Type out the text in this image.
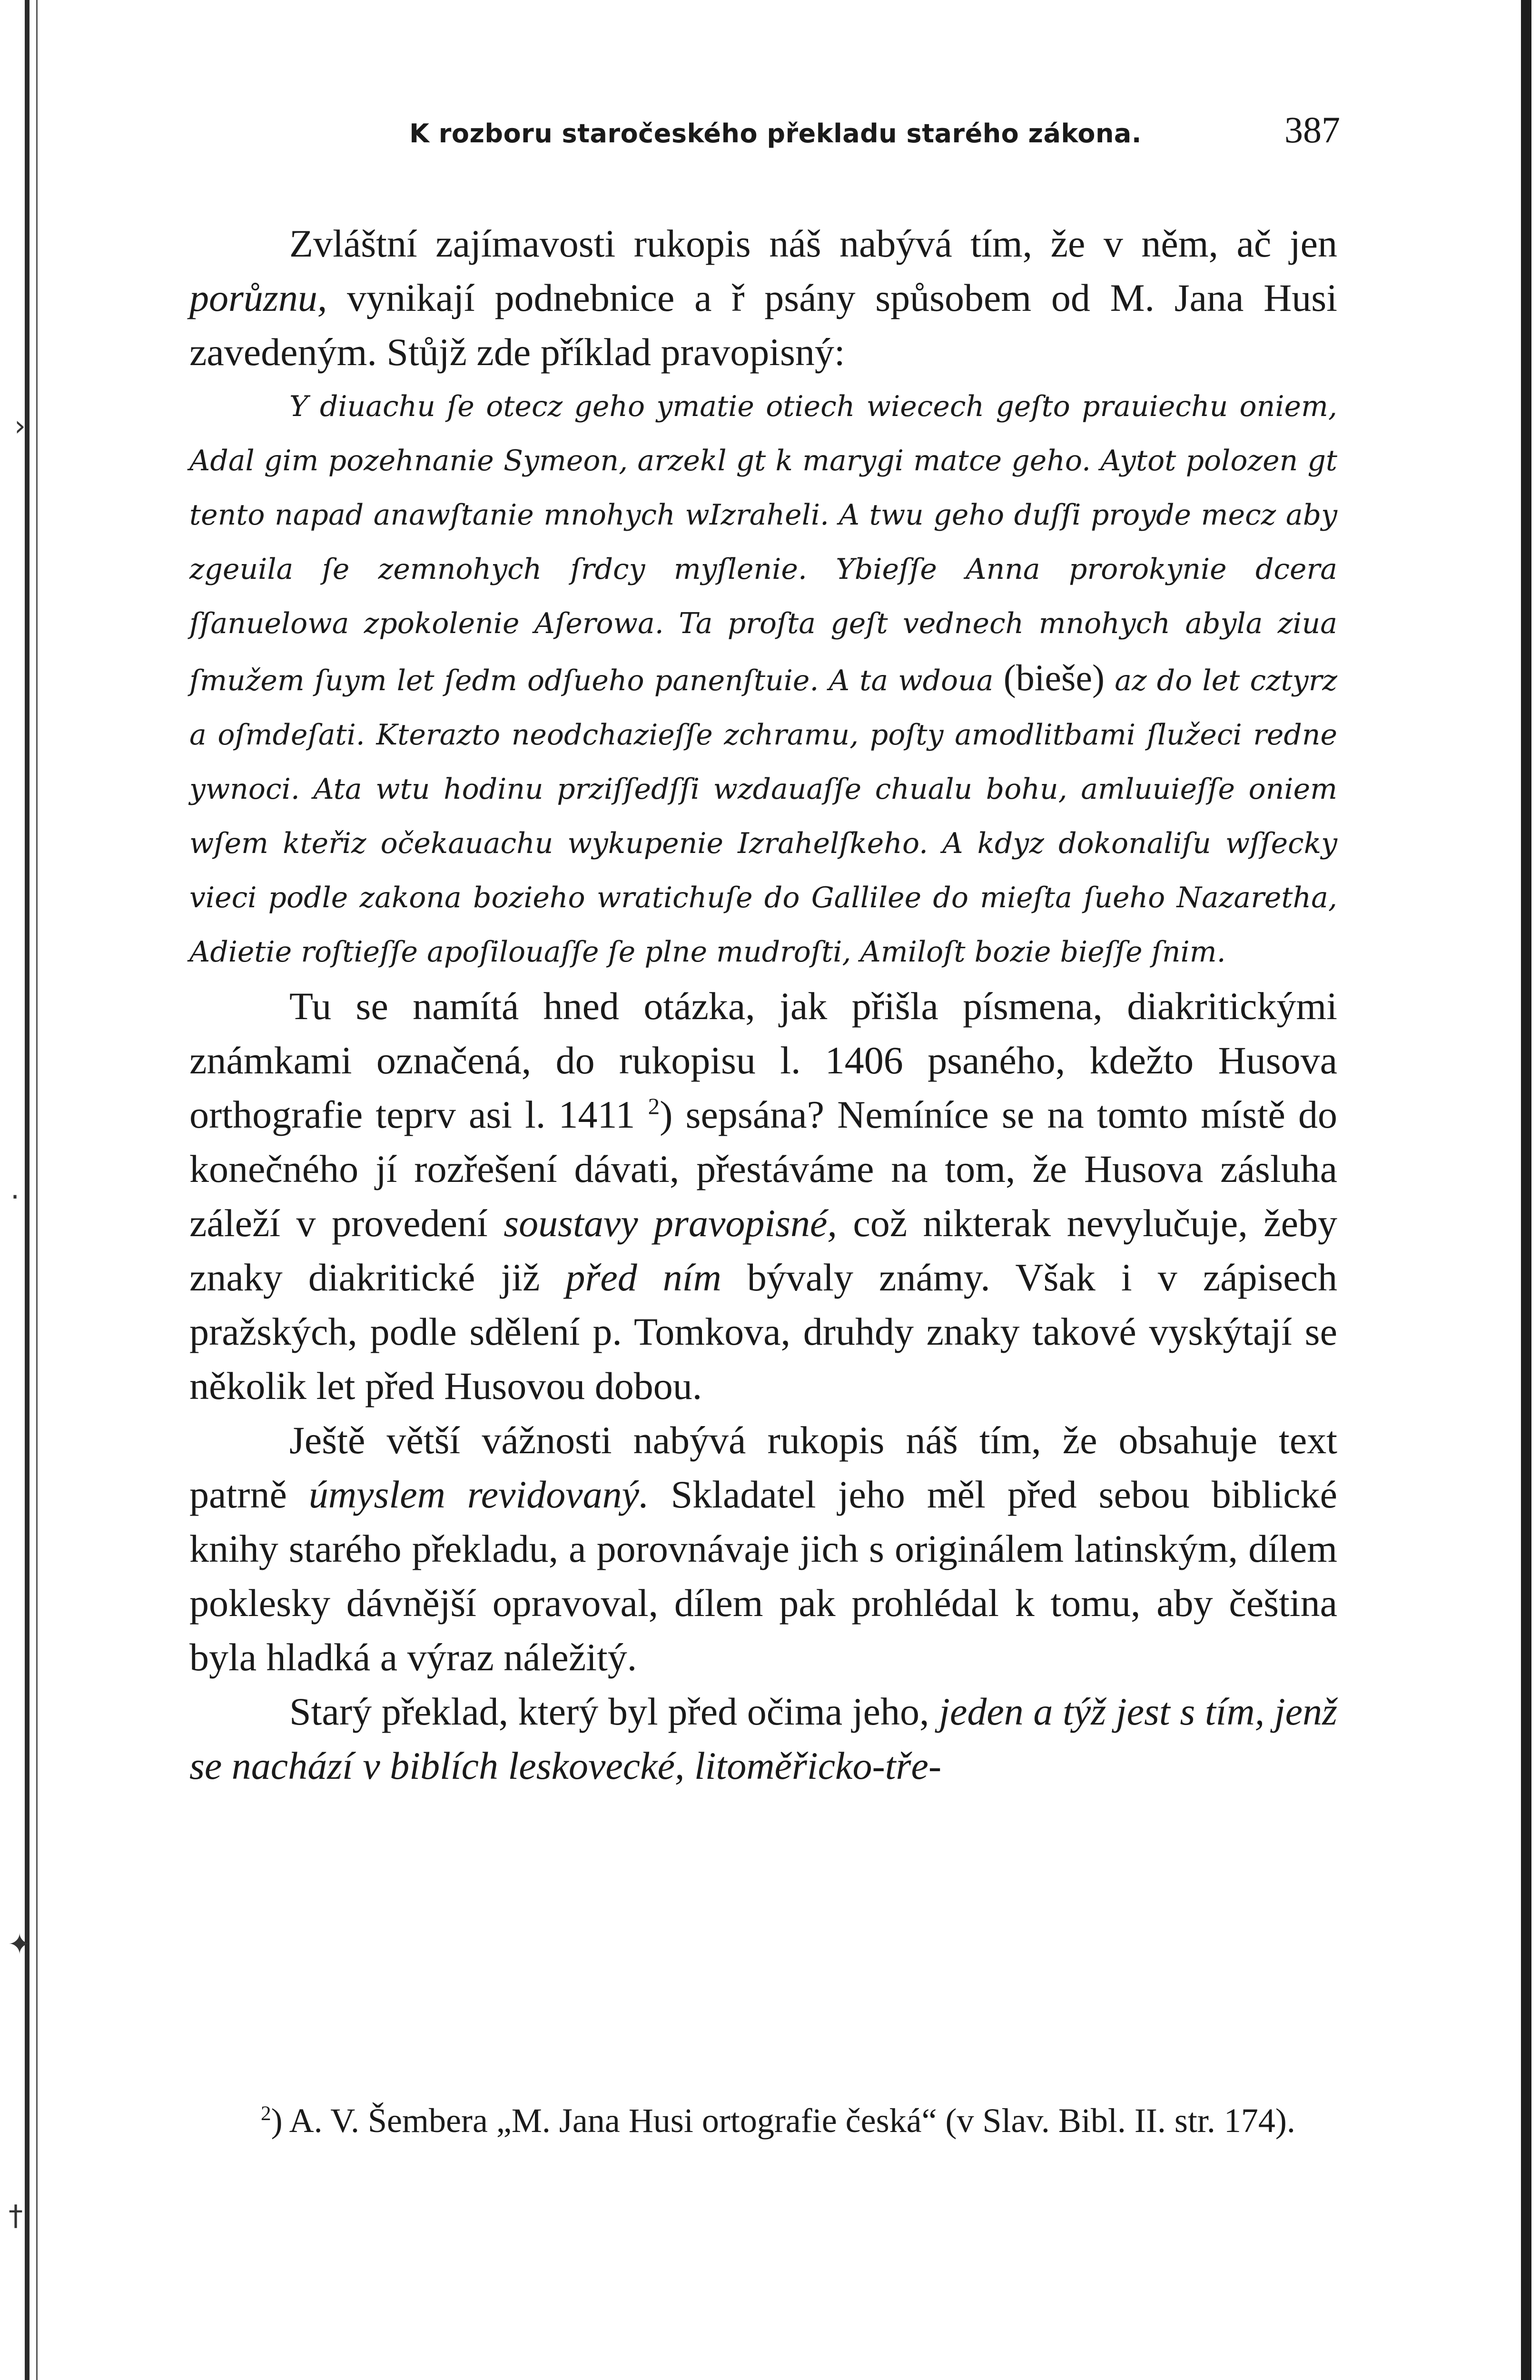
›
·
✦
†
K rozboru staročeského překladu starého zákona.	387

Zvláštní zajímavosti rukopis náš nabývá tím, že v něm, ač jen porůznu, vynikají podnebnice a ř psány spůsobem od M. Jana Husi zavedeným. Stůjž zde příklad pravopisný:

Y diuachu ſe otecz geho ymatie otiech wiecech geſto prauiechu oniem, Adal gim pozehnanie Symeon, arzekl gt k marygi matce geho. Aytot polozen gt tento napad anawſtanie mnohych wIzraheli. A twu geho duſſi proyde mecz aby zgeuila ſe zemnohych ſrdcy myſlenie. Ybieſſe Anna prorokynie dcera ſſanuelowa zpokolenie Aſerowa. Ta proſta geſt vednech mnohych abyla ziua ſmužem ſuym let ſedm odſueho panenſtuie. A ta wdoua (bieše) az do let cztyrz a oſmdeſati. Kterazto neodchazieſſe zchramu, poſty amodlitbami ſlužeci redne ywnoci. Ata wtu hodinu prziſſedſſi wzdauaſſe chualu bohu, amluuieſſe oniem wſem kteřiz očekauachu wykupenie Izrahelſkeho. A kdyz dokonaliſu wſſecky vieci podle zakona bozieho wratichuſe do Gallilee do mieſta ſueho Nazaretha, Adietie roſtieſſe apoſilouaſſe ſe plne mudroſti, Amiloſt bozie bieſſe ſnim.

Tu se namítá hned otázka, jak přišla písmena, diakritickými známkami označená, do rukopisu l. 1406 psaného, kdežto Husova orthografie teprv asi l. 1411 $^2$) sepsána? Nemíníce se na tomto místě do konečného jí rozřešení dávati, přestáváme na tom, že Husova zásluha záleží v provedení soustavy pravopisné, což nikterak nevylučuje, žeby znaky diakritické již před ním bývaly známy. Však i v zápisech pražských, podle sdělení p. Tomkova, druhdy znaky takové vyskýtají se několik let před Husovou dobou.

Ještě větší vážnosti nabývá rukopis náš tím, že obsahuje text patrně úmyslem revidovaný. Skladatel jeho měl před sebou biblické knihy starého překladu, a porovnávaje jich s originálem latinským, dílem poklesky dávnější opravoval, dílem pak prohlédal k tomu, aby čeština byla hladká a výraz náležitý.

Starý překlad, který byl před očima jeho, jeden a týž jest s tím, jenž se nachází v biblích leskovecké, litoměřicko-tře-

$^2$) A. V. Šembera „M. Jana Husi ortografie česká“ (v Slav. Bibl. II. str. 174).
